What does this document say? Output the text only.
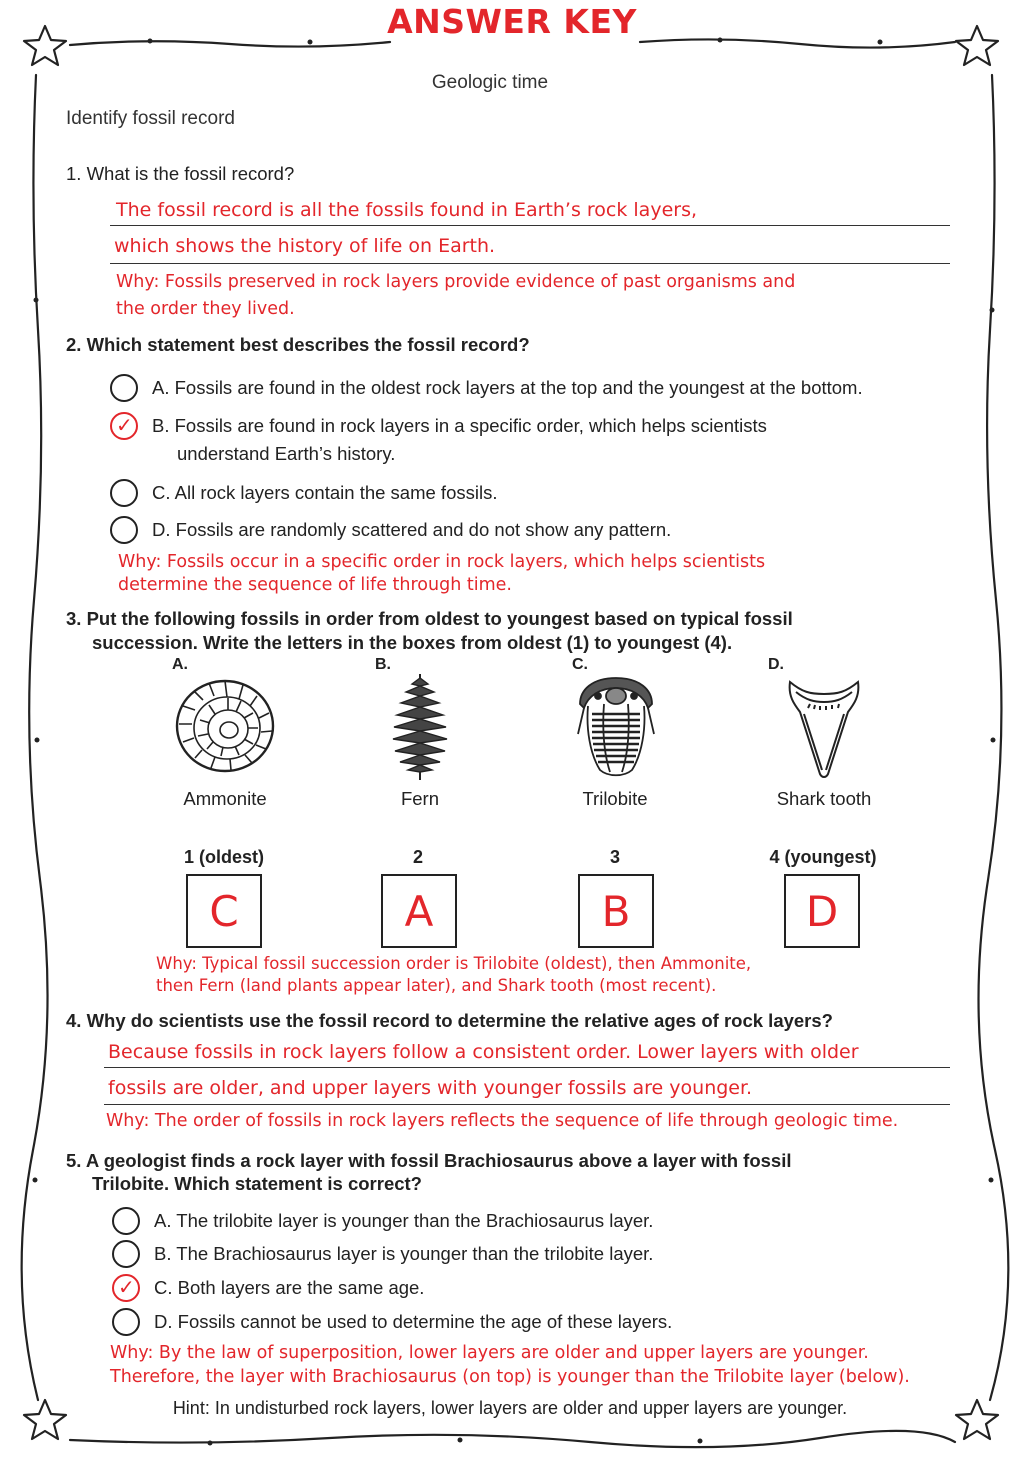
ANSWER KEY
Geologic time
Identify fossil record
1. What is the fossil record?
The fossil record is all the fossils found in Earth’s rock layers,
which shows the history of life on Earth.
Why: Fossils preserved in rock layers provide evidence of past organisms and
the order they lived.
2. Which statement best describes the fossil record?
A. Fossils are found in the oldest rock layers at the top and the youngest at the bottom.
✓ B. Fossils are found in rock layers in a specific order, which helps scientists
understand Earth’s history.
C. All rock layers contain the same fossils.
D. Fossils are randomly scattered and do not show any pattern.
Why: Fossils occur in a specific order in rock layers, which helps scientists
determine the sequence of life through time.
3. Put the following fossils in order from oldest to youngest based on typical fossil
succession. Write the letters in the boxes from oldest (1) to youngest (4).
A.	B.	C.	D.
Ammonite	Fern	Trilobite	Shark tooth
1 (oldest)	2	3	4 (youngest)
C	A	B	D
Why: Typical fossil succession order is Trilobite (oldest), then Ammonite,
then Fern (land plants appear later), and Shark tooth (most recent).
4. Why do scientists use the fossil record to determine the relative ages of rock layers?
Because fossils in rock layers follow a consistent order. Lower layers with older
fossils are older, and upper layers with younger fossils are younger.
Why: The order of fossils in rock layers reflects the sequence of life through geologic time.
5. A geologist finds a rock layer with fossil Brachiosaurus above a layer with fossil
Trilobite. Which statement is correct?
A. The trilobite layer is younger than the Brachiosaurus layer.
B. The Brachiosaurus layer is younger than the trilobite layer.
✓ C. Both layers are the same age.
D. Fossils cannot be used to determine the age of these layers.
Why: By the law of superposition, lower layers are older and upper layers are younger.
Therefore, the layer with Brachiosaurus (on top) is younger than the Trilobite layer (below).
Hint: In undisturbed rock layers, lower layers are older and upper layers are younger.
